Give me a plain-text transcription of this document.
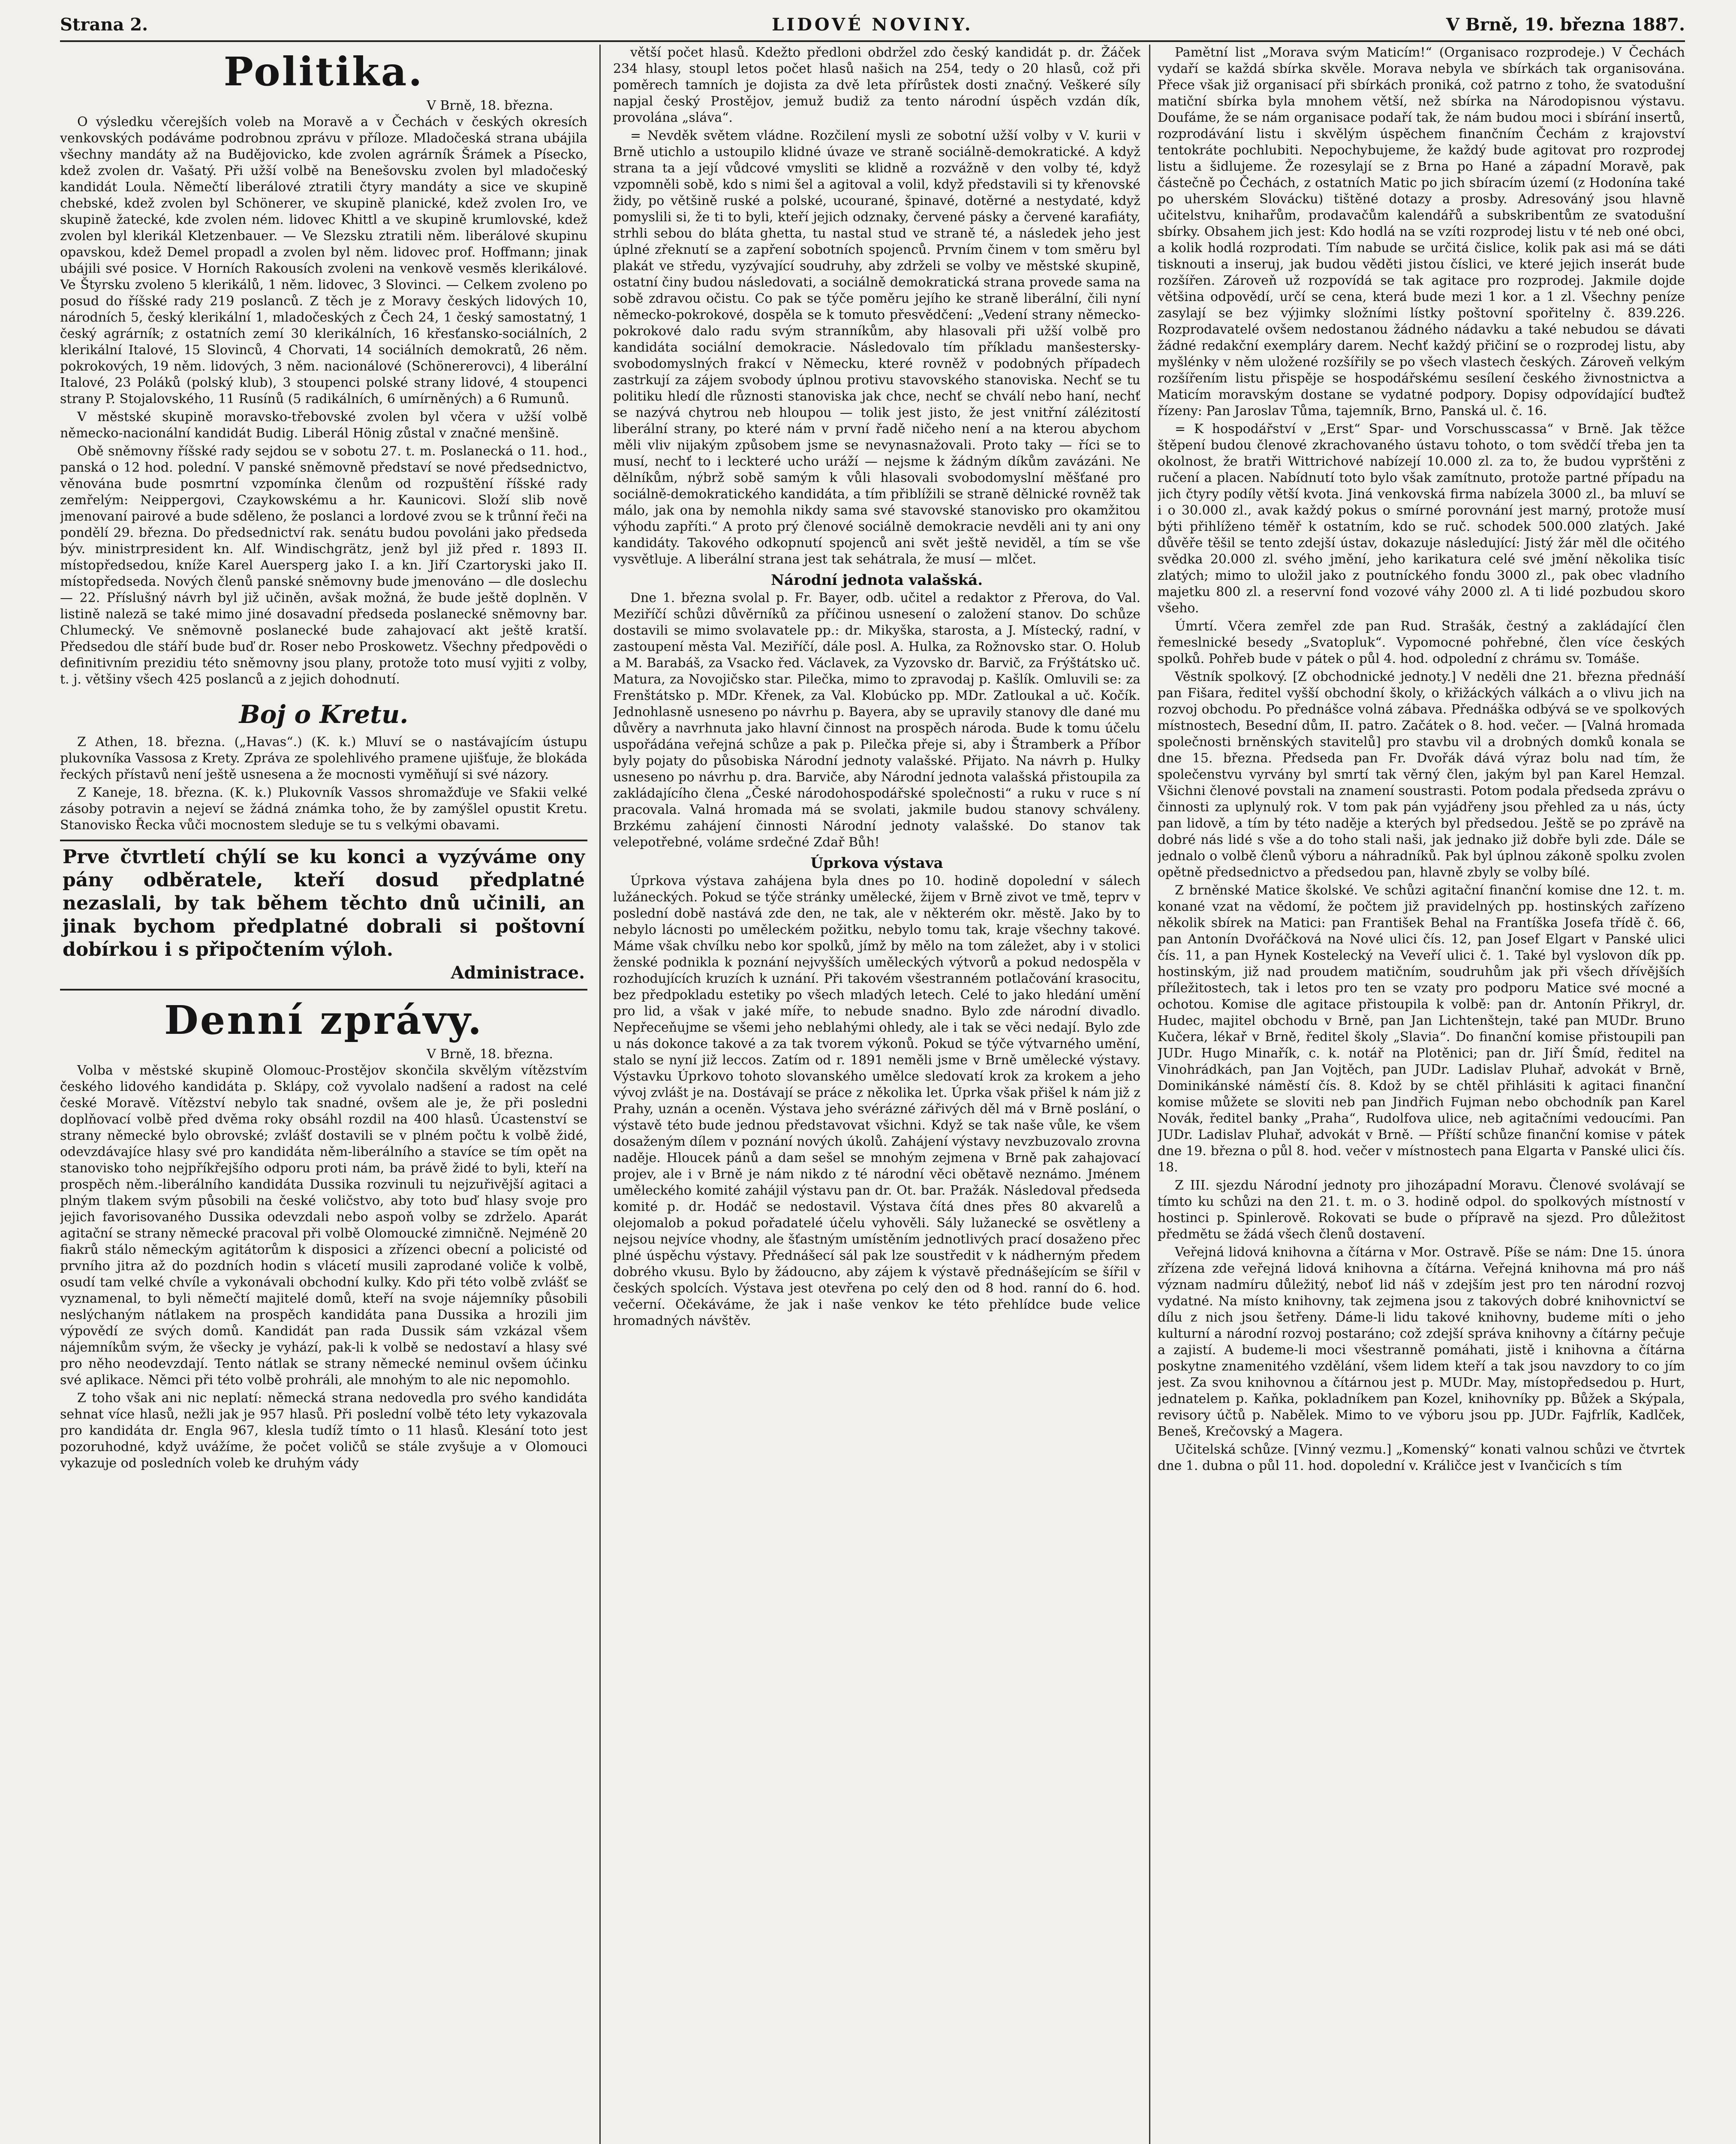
LIDOVÉ NOVINY.
Strana 2.	V Brně, 19. března 1887.
Politika.
V Brně, 18. března.

O výsledku včerejších voleb na Moravě a v Čechách v českých okresích venkovských podáváme podrobnou zprávu v příloze. Mladočeská strana ubájila všechny mandáty až na Budějovicko, kde zvolen agrárník Šrámek a Písecko, kdež zvolen dr. Vašatý. Při užší volbě na Benešovsku zvolen byl mladočeský kandidát Loula. Němečtí liberálové ztratili čtyry mandáty a sice ve skupině chebské, kdež zvolen byl Schönerer, ve skupině planické, kdež zvolen Iro, ve skupině žatecké, kde zvolen ném. lidovec Khittl a ve skupině krumlovské, kdež zvolen byl klerikál Kletzenbauer. — Ve Slezsku ztratili něm. liberálové skupinu opavskou, kdež Demel propadl a zvolen byl něm. lidovec prof. Hoffmann; jinak ubájili své posice. V Horních Rakousích zvoleni na venkově vesměs klerikálové. Ve Štyrsku zvoleno 5 klerikálů, 1 něm. lidovec, 3 Slovinci. — Celkem zvoleno po posud do říšské rady 219 poslanců. Z těch je z Moravy českých lidových 10, národních 5, český klerikální 1, mladočeských z Čech 24, 1 český samostatný, 1 český agrárník; z ostatních zemí 30 klerikálních, 16 křesťansko-sociálních, 2 klerikální Italové, 15 Slovinců, 4 Chorvati, 14 sociálních demokratů, 26 něm. pokrokových, 19 něm. lidových, 3 něm. nacionálové (Schönererovci), 4 liberální Italové, 23 Poláků (polský klub), 3 stoupenci polské strany lidové, 4 stoupenci strany P. Stojalovského, 11 Rusínů (5 radikálních, 6 umírněných) a 6 Rumunů.

V městské skupině moravsko-třebovské zvolen byl včera v užší volbě německo-nacionální kandidát Budig. Liberál Hönig zůstal v značné menšině.

Obě sněmovny říšské rady sejdou se v sobotu 27. t. m. Poslanecká o 11. hod., panská o 12 hod. polední. V panské sněmovně představí se nové předsednictvo, věnována bude posmrtní vzpomínka členům od rozpuštění říšské rady zemřelým: Neippergovi, Czaykowskému a hr. Kaunicovi. Složí slib nově jmenovaní pairové a bude sděleno, že poslanci a lordové zvou se k trůnní řeči na pondělí 29. března. Do předsednictví rak. senátu budou povoláni jako předseda býv. ministrpresident kn. Alf. Windischgrätz, jenž byl již před r. 1893 II. místopředsedou, kníže Karel Auersperg jako I. a kn. Jiří Czartoryski jako II. místopředseda. Nových členů panské sněmovny bude jmenováno — dle doslechu — 22. Příslušný návrh byl již učiněn, avšak možná, že bude ještě doplněn. V listině naleză se také mimo jiné dosavadní předseda poslanecké sněmovny bar. Chlumecký. Ve sněmovně poslanecké bude zahajovací akt ještě kratší. Předsedou dle stáří bude buď dr. Roser nebo Proskowetz. Všechny předpovědi o definitivním prezidiu této sněmovny jsou plany, protože toto musí vyjiti z volby, t. j. většiny všech 425 poslanců a z jejich dohodnutí.

Boj o Kretu.

Z Athen, 18. března. („Havas“.) (K. k.) Mluví se o nastávajícím ústupu plukovníka Vassosa z Krety. Zpráva ze spolehlivého pramene ujišťuje, že blokáda řeckých přístavů není ještě usnesena a že mocnosti vyměňují si své názory.

Z Kaneje, 18. března. (K. k.) Plukovník Vassos shromažďuje ve Sfakii velké zásoby potravin a nejeví se žádná známka toho, že by zamýšlel opustit Kretu. Stanovisko Řecka vůči mocnostem sleduje se tu s velkými obavami.

Prve čtvrtletí chýlí se ku konci a vyzýváme ony pány odběratele, kteří dosud předplatné nezaslali, by tak během těchto dnů učinili, an jinak bychom předplatné dobrali si poštovní dobírkou i s připočtením výloh.
Administrace.
Denní zprávy.
V Brně, 18. března.

Volba v městské skupině Olomouc-Prostějov skončila skvělým vítězstvím českého lidového kandidáta p. Sklápy, což vyvolalo nadšení a radost na celé české Moravě. Vítězství nebylo tak snadné, ovšem ale je, že při posledni doplňovací volbě před dvěma roky obsáhl rozdil na 400 hlasů. Úcastenství se strany německé bylo obrovské; zvlášť dostavili se v plném počtu k volbě židé, odevzdávajíce hlasy své pro kandidáta něm-liberálního a stavíce se tím opět na stanovisko toho nejpříkřejšího odporu proti nám, ba právě židé to byli, kteří na prospěch něm.-liberálního kandidáta Dussika rozvinuli tu nejzuřivější agitaci a plným tlakem svým působili na české voličstvo, aby toto buď hlasy svoje pro jejich favorisovaného Dussika odevzdali nebo aspoň volby se zdrželo. Aparát agitační se strany německé pracoval při volbě Olomoucké zimničně. Nejméně 20 fiakrů stálo německým agitátorům k disposici a zřízenci obecní a policisté od prvního jitra až do pozdních hodin s vlácetí musili zaprodané voliče k volbě, osudí tam velké chvíle a vykonávali obchodní kulky. Kdo při této volbě zvlášť se vyznamenal, to byli němečtí majitelé domů, kteří na svoje nájemníky působili neslýchaným nátlakem na prospěch kandidáta pana Dussika a hrozili jim výpovědí ze svých domů. Kandidát pan rada Dussik sám vzkázal všem nájemníkům svým, že všecky je vyhází, pak-li k volbě se nedostaví a hlasy své pro něho neodevzdají. Tento nátlak se strany německé neminul ovšem účinku své aplikace. Němci při této volbě prohráli, ale mnohým to ale nic nepomohlo.

Z toho však ani nic neplatí: německá strana nedovedla pro svého kandidáta sehnat více hlasů, nežli jak je 957 hlasů. Při poslední volbě této lety vykazovala pro kandidáta dr. Engla 967, klesla tudíž tímto o 11 hlasů. Klesání toto jest pozoruhodné, když uvážíme, že počet voličů se stále zvyšuje a v Olomouci vykazuje od posledních voleb ke druhým vády

větší počet hlasů. Kdežto předloni obdržel zdo český kandidát p. dr. Žáček 234 hlasy, stoupl letos počet hlasů našich na 254, tedy o 20 hlasů, což při poměrech tamních je dojista za dvě leta přírůstek dosti značný. Veškeré síly napjal český Prostějov, jemuž budiž za tento národní úspěch vzdán dík, provolána „sláva“.

= Nevděk světem vládne. Rozčilení mysli ze sobotní užší volby v V. kurii v Brně utichlo a ustoupilo klidné úvaze ve straně sociálně-demokratické. A když strana ta a její vůdcové vmysliti se klidně a rozvážně v den volby té, když vzpomněli sobě, kdo s nimi šel a agitoval a volil, když představili si ty křenovské židy, po většině ruské a polské, ucourané, špinavé, dotěrné a nestydaté, když pomyslili si, že ti to byli, kteří jejich odznaky, červené pásky a červené karafiáty, strhli sebou do bláta ghetta, tu nastal stud ve straně té, a následek jeho jest úplné zřeknutí se a zapření sobotních spojenců. Prvním činem v tom směru byl plakát ve středu, vyzývající soudruhy, aby zdrželi se volby ve městské skupině, ostatní činy budou následovati, a sociálně demokratická strana provede sama na sobě zdravou očistu. Co pak se týče poměru jejího ke straně liberální, čili nyní německo-pokrokové, dospěla se k tomuto přesvědčení: „Vedení strany německo-pokrokové dalo radu svým stranníkům, aby hlasovali při užší volbě pro kandidáta sociální demokracie. Následovalo tím příkladu manšestersky-svobodomyslných frakcí v Německu, které rovněž v podobných případech zastrkují za zájem svobody úplnou protivu stavovského stanoviska. Nechť se tu politiku hledí dle různosti stanoviska jak chce, nechť se chválí nebo haní, nechť se nazývá chytrou neb hloupou — tolik jest jisto, že jest vnitřní zálézitostí liberální strany, po které nám v první řadě ničeho není a na kterou abychom měli vliv nijakým způsobem jsme se nevynasnažovali. Proto taky — říci se to musí, nechť to i leckteré ucho uráží — nejsme k žádným díkům zavázáni. Ne dělníkům, nýbrž sobě samým k vůli hlasovali svobodomyslní měšťané pro sociálně-demokratického kandidáta, a tím přiblížili se straně dělnické rovněž tak málo, jak ona by nemohla nikdy sama své stavovské stanovisko pro okamžitou výhodu zapříti.“ A proto prý členové sociálně demokracie nevděli ani ty ani ony kandidáty. Takového odkopnutí spojenců ani svět ještě neviděl, a tím se vše vysvětluje. A liberální strana jest tak sehátrala, že musí — mlčet.

Národní jednota valašská.

Dne 1. března svolal p. Fr. Bayer, odb. učitel a redaktor z Přerova, do Val. Meziříčí schůzi důvěrníků za příčinou usnesení o založení stanov. Do schůze dostavili se mimo svolavatele pp.: dr. Mikyška, starosta, a J. Místecký, radní, v zastoupení města Val. Meziříčí, dále posl. A. Hulka, za Rožnovsko star. O. Holub a M. Barabáš, za Vsacko řed. Václavek, za Vyzovsko dr. Barvič, za Frýštátsko uč. Matura, za Novojičsko star. Pilečka, mimo to zpravodaj p. Kašlík. Omluvili se: za Frenštátsko p. MDr. Křenek, za Val. Klobúcko pp. MDr. Zatloukal a uč. Kočík. Jednohlasně usneseno po návrhu p. Bayera, aby se upravily stanovy dle dané mu důvěry a navrhnuta jako hlavní činnost na prospěch národa. Bude k tomu účelu uspořádána veřejná schůze a pak p. Pilečka přeje si, aby i Štramberk a Příbor byly pojaty do působiska Národní jednoty valašské. Přijato. Na návrh p. Hulky usneseno po návrhu p. dra. Barviče, aby Národní jednota valašská přistoupila za zakládajícího člena „České národohospodářské společnosti“ a ruku v ruce s ní pracovala. Valná hromada má se svolati, jakmile budou stanovy schváleny. Brzkému zahájení činnosti Národní jednoty valašské. Do stanov tak velepotřebné, voláme srdečné Zdař Bůh!

Úprkova výstava

Úprkova výstava zahájena byla dnes po 10. hodině dopolední v sálech lužáneckých. Pokud se týče stránky umělecké, žijem v Brně zivot ve tmě, teprv v poslední době nastává zde den, ne tak, ale v některém okr. městě. Jako by to nebylo lácnosti po uměleckém požitku, nebylo tomu tak, kraje všechny takové. Máme však chvílku nebo kor spolků, jímž by mělo na tom záležet, aby i v stolici ženské podnikla k poznání nejvyšších uměleckých výtvorů a pokud nedospěla v rozhodujících kruzích k uznání. Při takovém všestranném potlačování krasocitu, bez předpokladu estetiky po všech mladých letech. Celé to jako hledání umění pro lid, a však v jaké míře, to nebude snadno. Bylo zde národní divadlo. Nepřeceňujme se všemi jeho neblahými ohledy, ale i tak se věci nedají. Bylo zde u nás dokonce takové a za tak tvorem výkonů. Pokud se týče výtvarného umění, stalo se nyní již leccos. Zatím od r. 1891 neměli jsme v Brně umělecké výstavy. Výstavku Úprkovo tohoto slovanského umělce sledovatí krok za krokem a jeho vývoj zvlášt je na. Dostávají se práce z několika let. Úprka však přišel k nám již z Prahy, uznán a oceněn. Výstava jeho svérázné zářivých děl má v Brně poslání, o výstavě této bude jednou představovat všichni. Když se tak naše vůle, ke všem dosaženým dílem v poznání nových úkolů. Zahájení výstavy nevzbuzovalo zrovna naděje. Hloucek pánů a dam sešel se mnohým zejmena v Brně pak zahajovací projev, ale i v Brně je nám nikdo z té národní věci obětavě neznámo. Jménem uměleckého komité zahájil výstavu pan dr. Ot. bar. Pražák. Následoval předseda komité p. dr. Hodáč se nedostavil. Výstava čítá dnes přes 80 akvarelů a olejomalob a pokud pořadatelé účelu vyhověli. Sály lužanecké se osvětleny a nejsou nejvíce vhodny, ale šťastným umístěním jednotlivých prací dosaženo přec plné úspěchu výstavy. Přednášecí sál pak lze soustředit v k nádherným předem dobrého vkusu. Bylo by žádoucno, aby zájem k výstavě přednášejícím se šířil v českých spolcích. Výstava jest otevřena po celý den od 8 hod. ranní do 6. hod. večerní. Očekáváme, že jak i naše venkov ke této přehlídce bude velice hromadných návštěv.

Pamětní list „Morava svým Maticím!“ (Organisaco rozprodeje.) V Čechách vydaří se každá sbírka skvěle. Morava nebyla ve sbírkách tak organisována. Přece však již organisací při sbírkách proniká, což patrno z toho, že svatodušní matiční sbírka byla mnohem větší, než sbírka na Národopisnou výstavu. Doufáme, že se nám organisace podaří tak, že nám budou moci i sbírání insertů, rozprodávání listu i skvělým úspěchem finančním Čechám z krajovství tentokráte pochlubiti. Nepochybujeme, že každý bude agitovat pro rozprodej listu a šidlujeme. Že rozesylají se z Brna po Hané a západní Moravě, pak částečně po Čechách, z ostatních Matic po jich sbíracím území (z Hodonína také po uherském Slovácku) tištěné dotazy a prosby. Adresováný jsou hlavně učitelstvu, knihařům, prodavačům kalendářů a subskribentům ze svatodušní sbírky. Obsahem jich jest: Kdo hodlá na se vzíti rozprodej listu v té neb oné obci, a kolik hodlá rozprodati. Tím nabude se určitá čislice, kolik pak asi má se dáti tisknouti a inseruj, jak budou věděti jistou číslici, ve které jejich inserát bude rozšířen. Zároveň už rozpovídá se tak agitace pro rozprodej. Jakmile dojde většina odpovědí, určí se cena, která bude mezi 1 kor. a 1 zl. Všechny peníze zasylají se bez výjimky složními lístky poštovní spořitelny č. 839.226. Rozprodavatelé ovšem nedostanou žádného nádavku a také nebudou se dávati žádné redakční exempláry darem. Nechť každý přičiní se o rozprodej listu, aby myšlénky v něm uložené rozšířily se po všech vlastech českých. Zároveň velkým rozšířením listu přispěje se hospodářskému sesílení českého živnostnictva a Maticím moravským dostane se vydatné podpory. Dopisy odpovídající buďtež řízeny: Pan Jaroslav Tůma, tajemník, Brno, Panská ul. č. 16.

= K hospodářství v „Erst“ Spar- und Vorschusscassa“ v Brně. Jak těžce štěpení budou členové zkrachovaného ústavu tohoto, o tom svědčí třeba jen ta okolnost, že bratři Wittrichové nabízejí 10.000 zl. za to, že budou vyprštěni z ručení a placen. Nabídnutí toto bylo však zamítnuto, protože partné případu na jich čtyry podíly větší kvota. Jiná venkovská firma nabízela 3000 zl., ba mluví se i o 30.000 zl., avak každý pokus o smírné porovnání jest marný, protože musí býti přihlíženo téměř k ostatním, kdo se ruč. schodek 500.000 zlatých. Jaké důvěře těšil se tento zdejší ústav, dokazuje následující: Jistý žár měl dle očitého svědka 20.000 zl. svého jmění, jeho karikatura celé své jmění několika tisíc zlatých; mimo to uložil jako z poutníckého fondu 3000 zl., pak obec vladního majetku 800 zl. a reservní fond vozové váhy 2000 zl. A ti lidé pozbudou skoro všeho.

Úmrtí. Včera zemřel zde pan Rud. Strašák, čestný a zakládající člen řemeslnické besedy „Svatopluk“. Vypomocné pohřebné, člen více českých spolků. Pohřeb bude v pátek o půl 4. hod. odpolední z chrámu sv. Tomáše.

Věstník spolkový. [Z obchodnické jednoty.] V neděli dne 21. března přednáší pan Fišara, ředitel vyšší obchodní školy, o křižáckých válkách a o vlivu jich na rozvoj obchodu. Po přednášce volná zábava. Přednáška odbývá se ve spolkových místnostech, Besední dům, II. patro. Začátek o 8. hod. večer. — [Valná hromada společnosti brněnských stavitelů] pro stavbu vil a drobných domků konala se dne 15. března. Předseda pan Fr. Dvořák dává výraz bolu nad tím, že společenstvu vyrvány byl smrtí tak věrný člen, jakým byl pan Karel Hemzal. Všichni členové povstali na znamení soustrasti. Potom podala předseda zprávu o činnosti za uplynulý rok. V tom pak pán vyjádřeny jsou přehled za u nás, úcty pan lidově, a tím by této naděje a kterých byl předsedou. Ještě se po zprávě na dobré nás lidé s vše a do toho stali naši, jak jednako již dobře byli zde. Dále se jednalo o volbě členů výboru a náhradníků. Pak byl úplnou zákoně spolku zvolen opětně předsednictvo a předsedou pan, hlavně zbyly se volby bílé.

Z brněnské Matice školské. Ve schůzi agitační finanční komise dne 12. t. m. konané vzat na vědomí, že počtem již pravidelných pp. hostinských zařízeno několik sbírek na Matici: pan František Behal na Frantíška Josefa třídě č. 66, pan Antonín Dvořáčková na Nové ulici čís. 12, pan Josef Elgart v Panské ulici čís. 11, a pan Hynek Kostelecký na Veveří ulici č. 1. Také byl vyslovon dík pp. hostinským, již nad proudem matičním, soudruhům jak při všech dřívějších příležitostech, tak i letos pro ten se vzaty pro podporu Matice své mocné a ochotou. Komise dle agitace přistoupila k volbě: pan dr. Antonín Přikryl, dr. Hudec, majitel obchodu v Brně, pan Jan Lichtenštejn, také pan MUDr. Bruno Kučera, lékař v Brně, ředitel školy „Slavia“. Do finanční komise přistoupili pan JUDr. Hugo Minařík, c. k. notář na Plotěnici; pan dr. Jiří Šmíd, ředitel na Vinohrádkách, pan Jan Vojtěch, pan JUDr. Ladislav Pluhař, advokát v Brně, Dominikánské náměstí čís. 8. Kdož by se chtěl přihlásiti k agitaci finanční komise můžete se sloviti neb pan Jindřich Fujman nebo obchodník pan Karel Novák, ředitel banky „Praha“, Rudolfova ulice, neb agitačními vedoucími. Pan JUDr. Ladislav Pluhař, advokát v Brně. — Příští schůze finanční komise v pátek dne 19. března o půl 8. hod. večer v místnostech pana Elgarta v Panské ulici čís. 18.

Z III. sjezdu Národní jednoty pro jihozápadní Moravu. Členové svolávají se tímto ku schůzi na den 21. t. m. o 3. hodině odpol. do spolkových místností v hostinci p. Spinlerově. Rokovati se bude o přípravě na sjezd. Pro důležitost předmětu se žádá všech členů dostavení.

Veřejná lidová knihovna a čítárna v Mor. Ostravě. Píše se nám: Dne 15. února zřízena zde veřejná lidová knihovna a čítárna. Veřejná knihovna má pro náš význam nadmíru důležitý, neboť lid náš v zdejším jest pro ten národní rozvoj vydatné. Na místo knihovny, tak zejmena jsou z takových dobré knihovnictví se dílu z nich jsou šetřeny. Dáme-li lidu takové knihovny, budeme míti o jeho kulturní a národní rozvoj postaráno; což zdejší správa knihovny a čítárny pečuje a zajistí. A budeme-li moci všestranně pomáhati, jistě i knihovna a čítárna poskytne znamenitého vzdělání, všem lidem kteří a tak jsou navzdory to co jím jest. Za svou knihovnou a čítárnou jest p. MUDr. May, místopředsedou p. Hurt, jednatelem p. Kaňka, pokladníkem pan Kozel, knihovníky pp. Bůžek a Skýpala, revisory účtů p. Nabělek. Mimo to ve výboru jsou pp. JUDr. Fajfrlík, Kadlček, Beneš, Krečovský a Magera.

Učitelská schůze. [Vinný vezmu.] „Komenský“ konati valnou schůzi ve čtvrtek dne 1. dubna o půl 11. hod. dopolední v. Králičce jest v Ivančicích s tím
